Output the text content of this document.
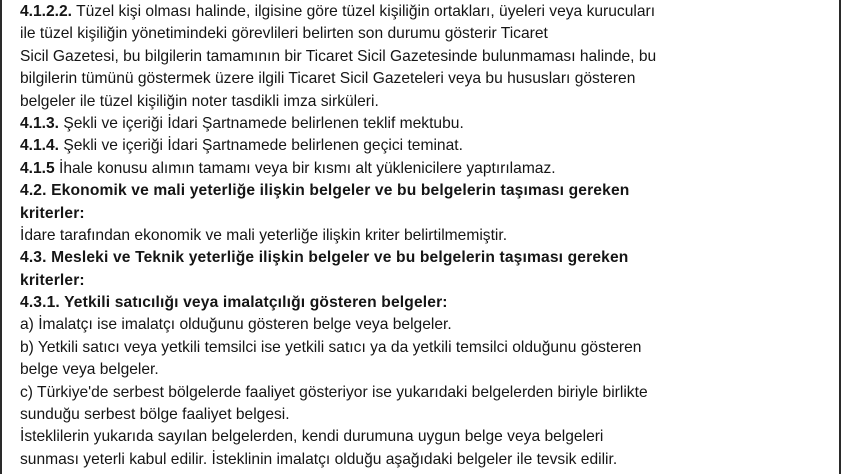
4.1.2.2. Tüzel kişi olması halinde, ilgisine göre tüzel kişiliğin ortakları, üyeleri veya kurucuları
ile tüzel kişiliğin yönetimindeki görevlileri belirten son durumu gösterir Ticaret
Sicil Gazetesi, bu bilgilerin tamamının bir Ticaret Sicil Gazetesinde bulunmaması halinde, bu
bilgilerin tümünü göstermek üzere ilgili Ticaret Sicil Gazeteleri veya bu hususları gösteren
belgeler ile tüzel kişiliğin noter tasdikli imza sirküleri.
4.1.3. Şekli ve içeriği İdari Şartnamede belirlenen teklif mektubu.
4.1.4. Şekli ve içeriği İdari Şartnamede belirlenen geçici teminat.
4.1.5 İhale konusu alımın tamamı veya bir kısmı alt yüklenicilere yaptırılamaz.
4.2. Ekonomik ve mali yeterliğe ilişkin belgeler ve bu belgelerin taşıması gereken
kriterler:
İdare tarafından ekonomik ve mali yeterliğe ilişkin kriter belirtilmemiştir.
4.3. Mesleki ve Teknik yeterliğe ilişkin belgeler ve bu belgelerin taşıması gereken
kriterler:
4.3.1. Yetkili satıcılığı veya imalatçılığı gösteren belgeler:
a) İmalatçı ise imalatçı olduğunu gösteren belge veya belgeler.
b) Yetkili satıcı veya yetkili temsilci ise yetkili satıcı ya da yetkili temsilci olduğunu gösteren
belge veya belgeler.
c) Türkiye'de serbest bölgelerde faaliyet gösteriyor ise yukarıdaki belgelerden biriyle birlikte
sunduğu serbest bölge faaliyet belgesi.
İsteklilerin yukarıda sayılan belgelerden, kendi durumuna uygun belge veya belgeleri
sunması yeterli kabul edilir. İsteklinin imalatçı olduğu aşağıdaki belgeler ile tevsik edilir.
